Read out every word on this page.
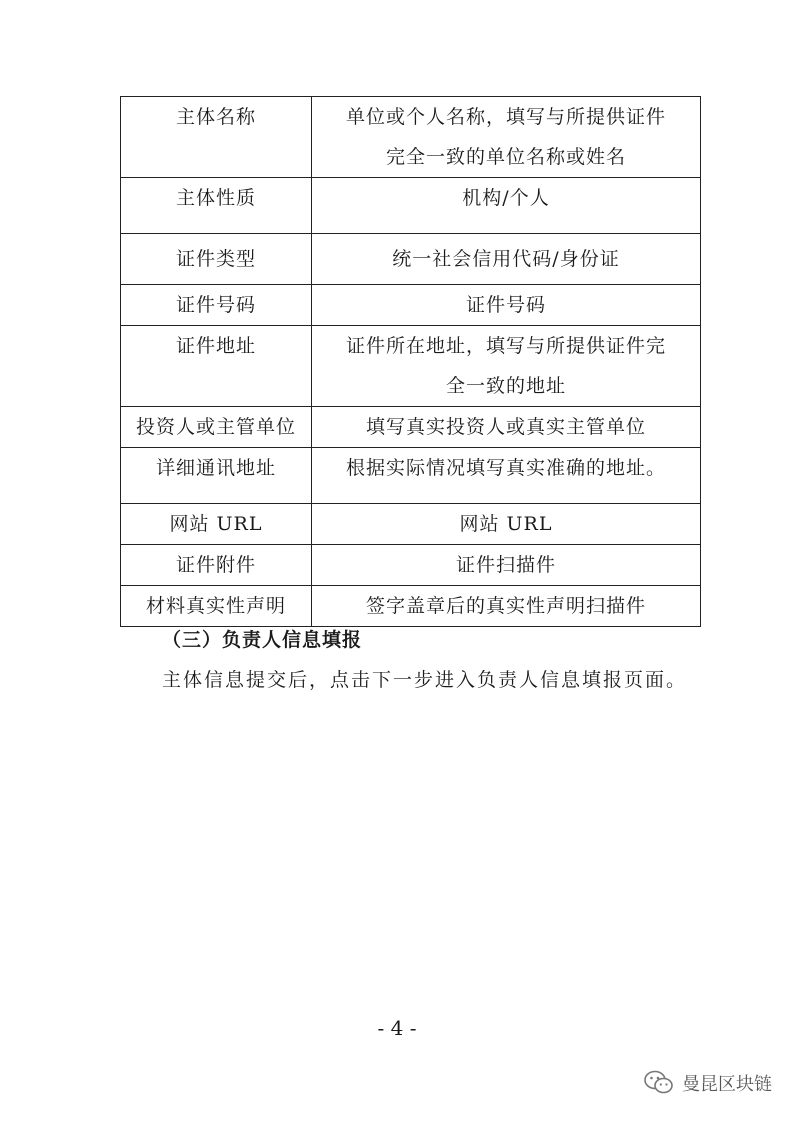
主体名称	单位或个人名称，填写与所提供证件
完全一致的单位名称或姓名

主体性质	机构/个人
证件类型	统一社会信用代码/身份证
证件号码	证件号码
证件地址	证件所在地址，填写与所提供证件完
全一致的地址

投资人或主管单位	填写真实投资人或真实主管单位
详细通讯地址	根据实际情况填写真实准确的地址。
网站 URL	网站 URL
证件附件	证件扫描件
材料真实性声明	签字盖章后的真实性声明扫描件
（三）负责人信息填报
主体信息提交后，点击下一步进入负责人信息填报页面。
- 4 -
曼昆区块链
